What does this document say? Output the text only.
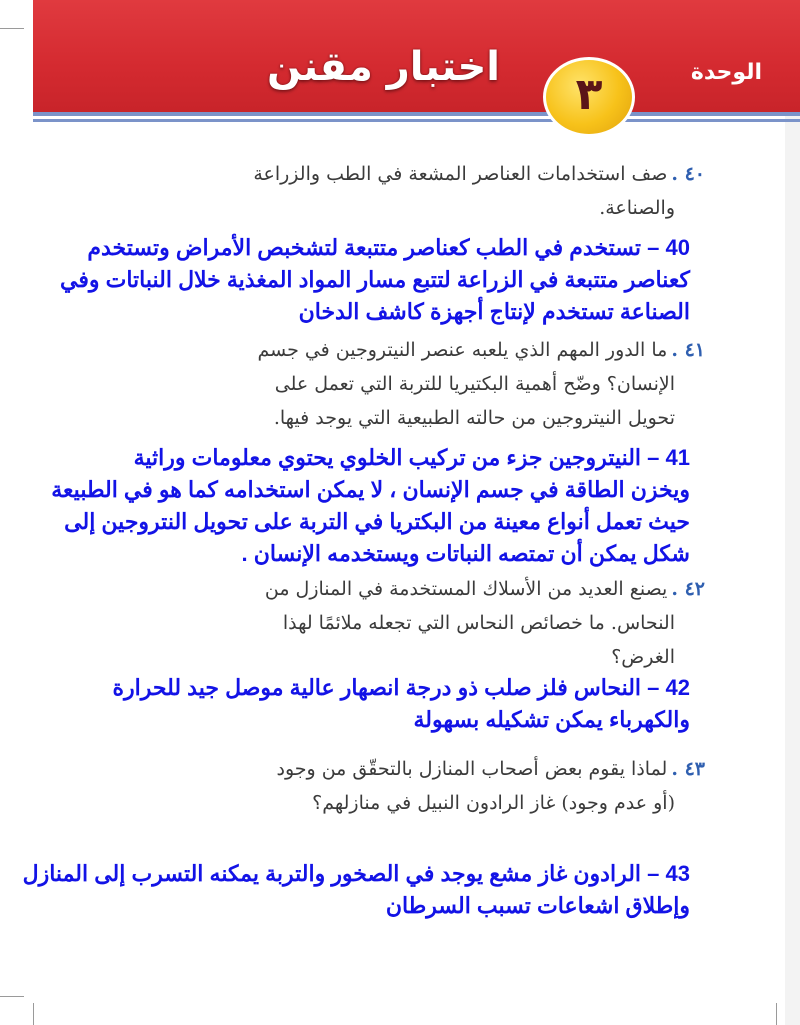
اختبار مقنن
٣	الوحدة
٤٠ .صف استخدامات العناصر المشعة في الطب والزراعة
والصناعة.
40 – تستخدم في الطب كعناصر متتبعة لتشخبص الأمراض وتستخدم
كعناصر متتبعة في الزراعة لتتبع مسار المواد المغذية خلال النباتات وفي
الصناعة تستخدم لإنتاج أجهزة كاشف الدخان
٤١ .ما الدور المهم الذي يلعبه عنصر النيتروجين في جسم
الإنسان؟ وضّح أهمية البكتيريا للتربة التي تعمل على
تحويل النيتروجين من حالته الطبيعية التي يوجد فيها.
41 – النيتروجين جزء من تركيب الخلوي يحتوي معلومات وراثية
ويخزن الطاقة في جسم الإنسان ، لا يمكن استخدامه كما هو في الطبيعة
حيث تعمل أنواع معينة من البكتريا في التربة على تحويل النتروجين إلى
شكل يمكن أن تمتصه النباتات ويستخدمه الإنسان .
٤٢ .يصنع العديد من الأسلاك المستخدمة في المنازل من
النحاس. ما خصائص النحاس التي تجعله ملائمًا لهذا
الغرض؟
42 – النحاس فلز صلب ذو درجة انصهار عالية موصل جيد للحرارة
والكهرباء يمكن تشكيله بسهولة
٤٣ .لماذا يقوم بعض أصحاب المنازل بالتحقّق من وجود
(أو عدم وجود) غاز الرادون النبيل في منازلهم؟
43 – الرادون غاز مشع يوجد في الصخور والتربة يمكنه التسرب إلى المنازل
وإطلاق اشعاعات تسبب السرطان
